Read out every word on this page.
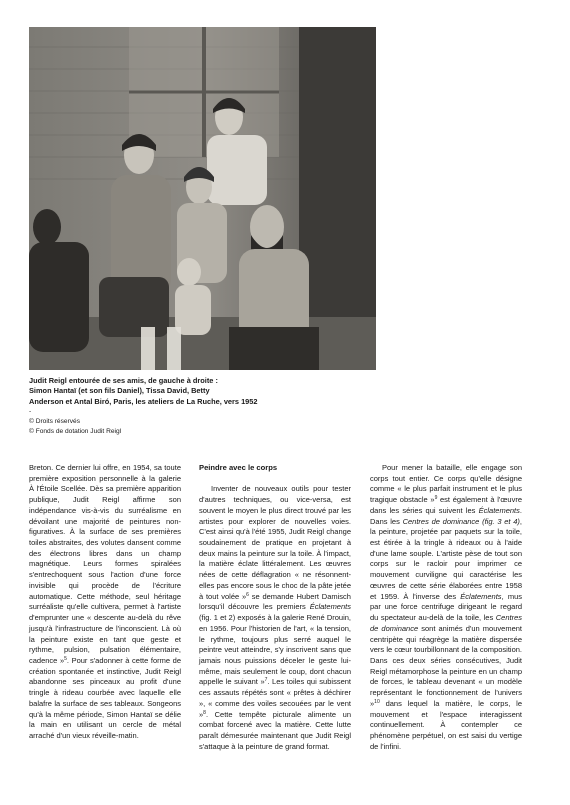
Judit Reigl entourée de ses amis, de gauche à droite :
Simon Hantaï (et son fils Daniel), Tissa David, Betty
Anderson et Antal Biró, Paris, les ateliers de La Ruche, vers 1952
-
© Droits réservés
© Fonds de dotation Judit Reigl

Breton. Ce dernier lui offre, en 1954, sa toute première exposition personnelle à la galerie À l'Étoile Scellée. Dès sa première apparition publique, Judit Reigl affirme son indépendance vis-à-vis du surréalisme en dévoilant une majorité de peintures non-figuratives. À la surface de ses premières toiles abstraites, des volutes dansent comme des électrons libres dans un champ magnétique. Leurs formes spiralées s'entrechoquent sous l'action d'une force invisible qui procède de l'écriture automatique. Cette méthode, seul héritage surréaliste qu'elle cultivera, permet à l'artiste d'emprunter une « descente au-delà du rêve jusqu'à l'infrastructure de l'inconscient. Là où la peinture existe en tant que geste et rythme, pulsion, pulsation élémentaire, cadence »$^5$. Pour s'adonner à cette forme de création spontanée et instinctive, Judit Reigl abandonne ses pinceaux au profit d'une tringle à rideau courbée avec laquelle elle balafre la surface de ses tableaux. Songeons qu'à la même période, Simon Hantaï se délie la main en utilisant un cercle de métal arraché d'un vieux réveille-matin.

Peindre avec le corps

Inventer de nouveaux outils pour tester d'autres techniques, ou vice-versa, est souvent le moyen le plus direct trouvé par les artistes pour explorer de nouvelles voies. C'est ainsi qu'à l'été 1955, Judit Reigl change soudainement de pratique en projetant à deux mains la peinture sur la toile. À l'impact, la matière éclate littéralement. Les œuvres nées de cette déflagration « ne résonnent-elles pas encore sous le choc de la pâte jetée à tout volée »$^6$ se demande Hubert Damisch lorsqu'il découvre les premiers Éclatements (fig. 1 et 2) exposés à la galerie René Drouin, en 1956. Pour l'historien de l'art, « la tension, le rythme, toujours plus serré auquel le peintre veut atteindre, s'y inscrivent sans que jamais nous puissions déceler le geste lui-même, mais seulement le coup, dont chacun appelle le suivant »$^7$. Les toiles qui subissent ces assauts répétés sont « prêtes à déchirer », « comme des voiles secouées par le vent »$^8$. Cette tempête picturale alimente un combat forcené avec la matière. Cette lutte paraît démesurée maintenant que Judit Reigl s'attaque à la peinture de grand format.

Pour mener la bataille, elle engage son corps tout entier. Ce corps qu'elle désigne comme « le plus parfait instrument et le plus tragique obstacle »$^9$ est également à l'œuvre dans les séries qui suivent les Éclatements. Dans les Centres de dominance (fig. 3 et 4), la peinture, projetée par paquets sur la toile, est étirée à la tringle à rideaux ou à l'aide d'une lame souple. L'artiste pèse de tout son corps sur le racloir pour imprimer ce mouvement curviligne qui caractérise les œuvres de cette série élaborées entre 1958 et 1959. À l'inverse des Éclatements, mus par une force centrifuge dirigeant le regard du spectateur au-delà de la toile, les Centres de dominance sont animés d'un mouvement centripète qui réagrège la matière dispersée vers le cœur tourbillonnant de la composition. Dans ces deux séries consécutives, Judit Reigl métamorphose la peinture en un champ de forces, le tableau devenant « un modèle représentant le fonctionnement de l'univers »$^{10}$ dans lequel la matière, le corps, le mouvement et l'espace interagissent continuellement. À contempler ce phénomène perpétuel, on est saisi du vertige de l'infini.
